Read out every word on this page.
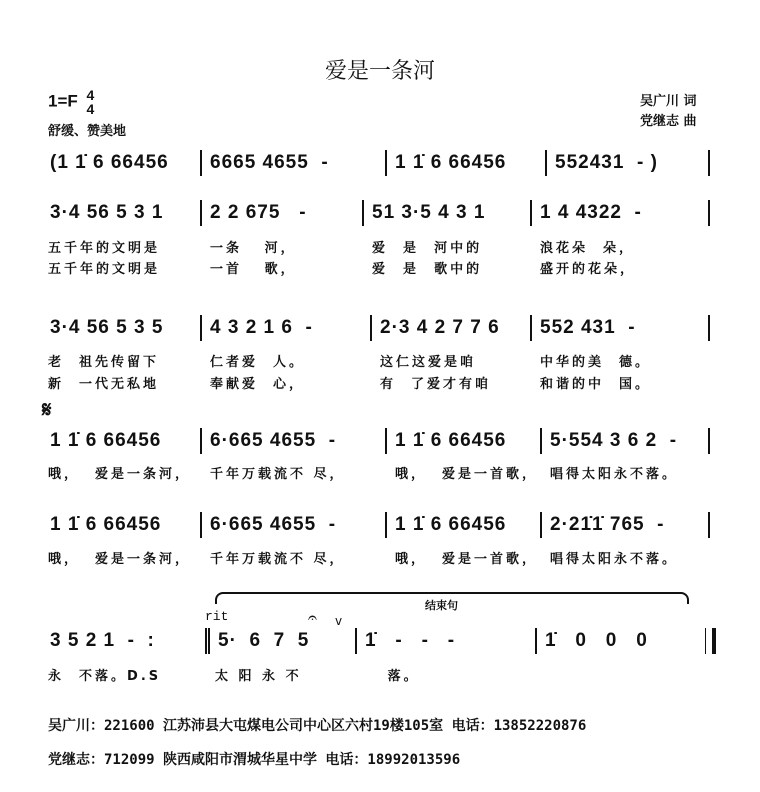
爱是一条河
1=F 4
4
舒缓、赞美地
吴广川 词
党继志 曲
𝄋
结束句
rit	𝄐 v
(1 1̇ 6 66456	6665 4655  -	1 1̇ 6 66456	552431  - )
3·4 56 5 3 1	2 2 675   -	51 3·5 4 3 1	1 4 4322  -
五千年的文明是	一条   河，	爱  是  河中的	浪花朵  朵，
五千年的文明是	一首   歌，	爱  是  歌中的	盛开的花朵，
3·4 56 5 3 5	4 3 2 1 6  -	2·3 4 2 7 7 6	552 431  -
老  祖先传留下	仁者爱  人。	这仁这爱是咱	中华的美  德。
新  一代无私地	奉献爱  心，	有  了爱才有咱	和谐的中  国。
1 1̇ 6 66456	6·665 4655  -	1 1̇ 6 66456	5·554 3 6 2  -
哦，  爱是一条河， 千年万载流不 尽，	哦，  爱是一首歌， 唱得太阳永不落。
1 1̇ 6 66456	6·665 4655  -	1 1̇ 6 66456	2·21̇1̇ 765  -
哦，  爱是一条河， 千年万载流不 尽，	哦，  爱是一首歌， 唱得太阳永不落。
3 5 2 1  -  :	5·  6  7  5	1̇   -   -   -	1̇   0   0   0
永  不落。D.S	太 阳 永 不	落。
吴广川：221600 江苏沛县大屯煤电公司中心区六村19楼105室 电话：13852220876
党继志：712099 陕西咸阳市渭城华星中学 电话：18992013596
